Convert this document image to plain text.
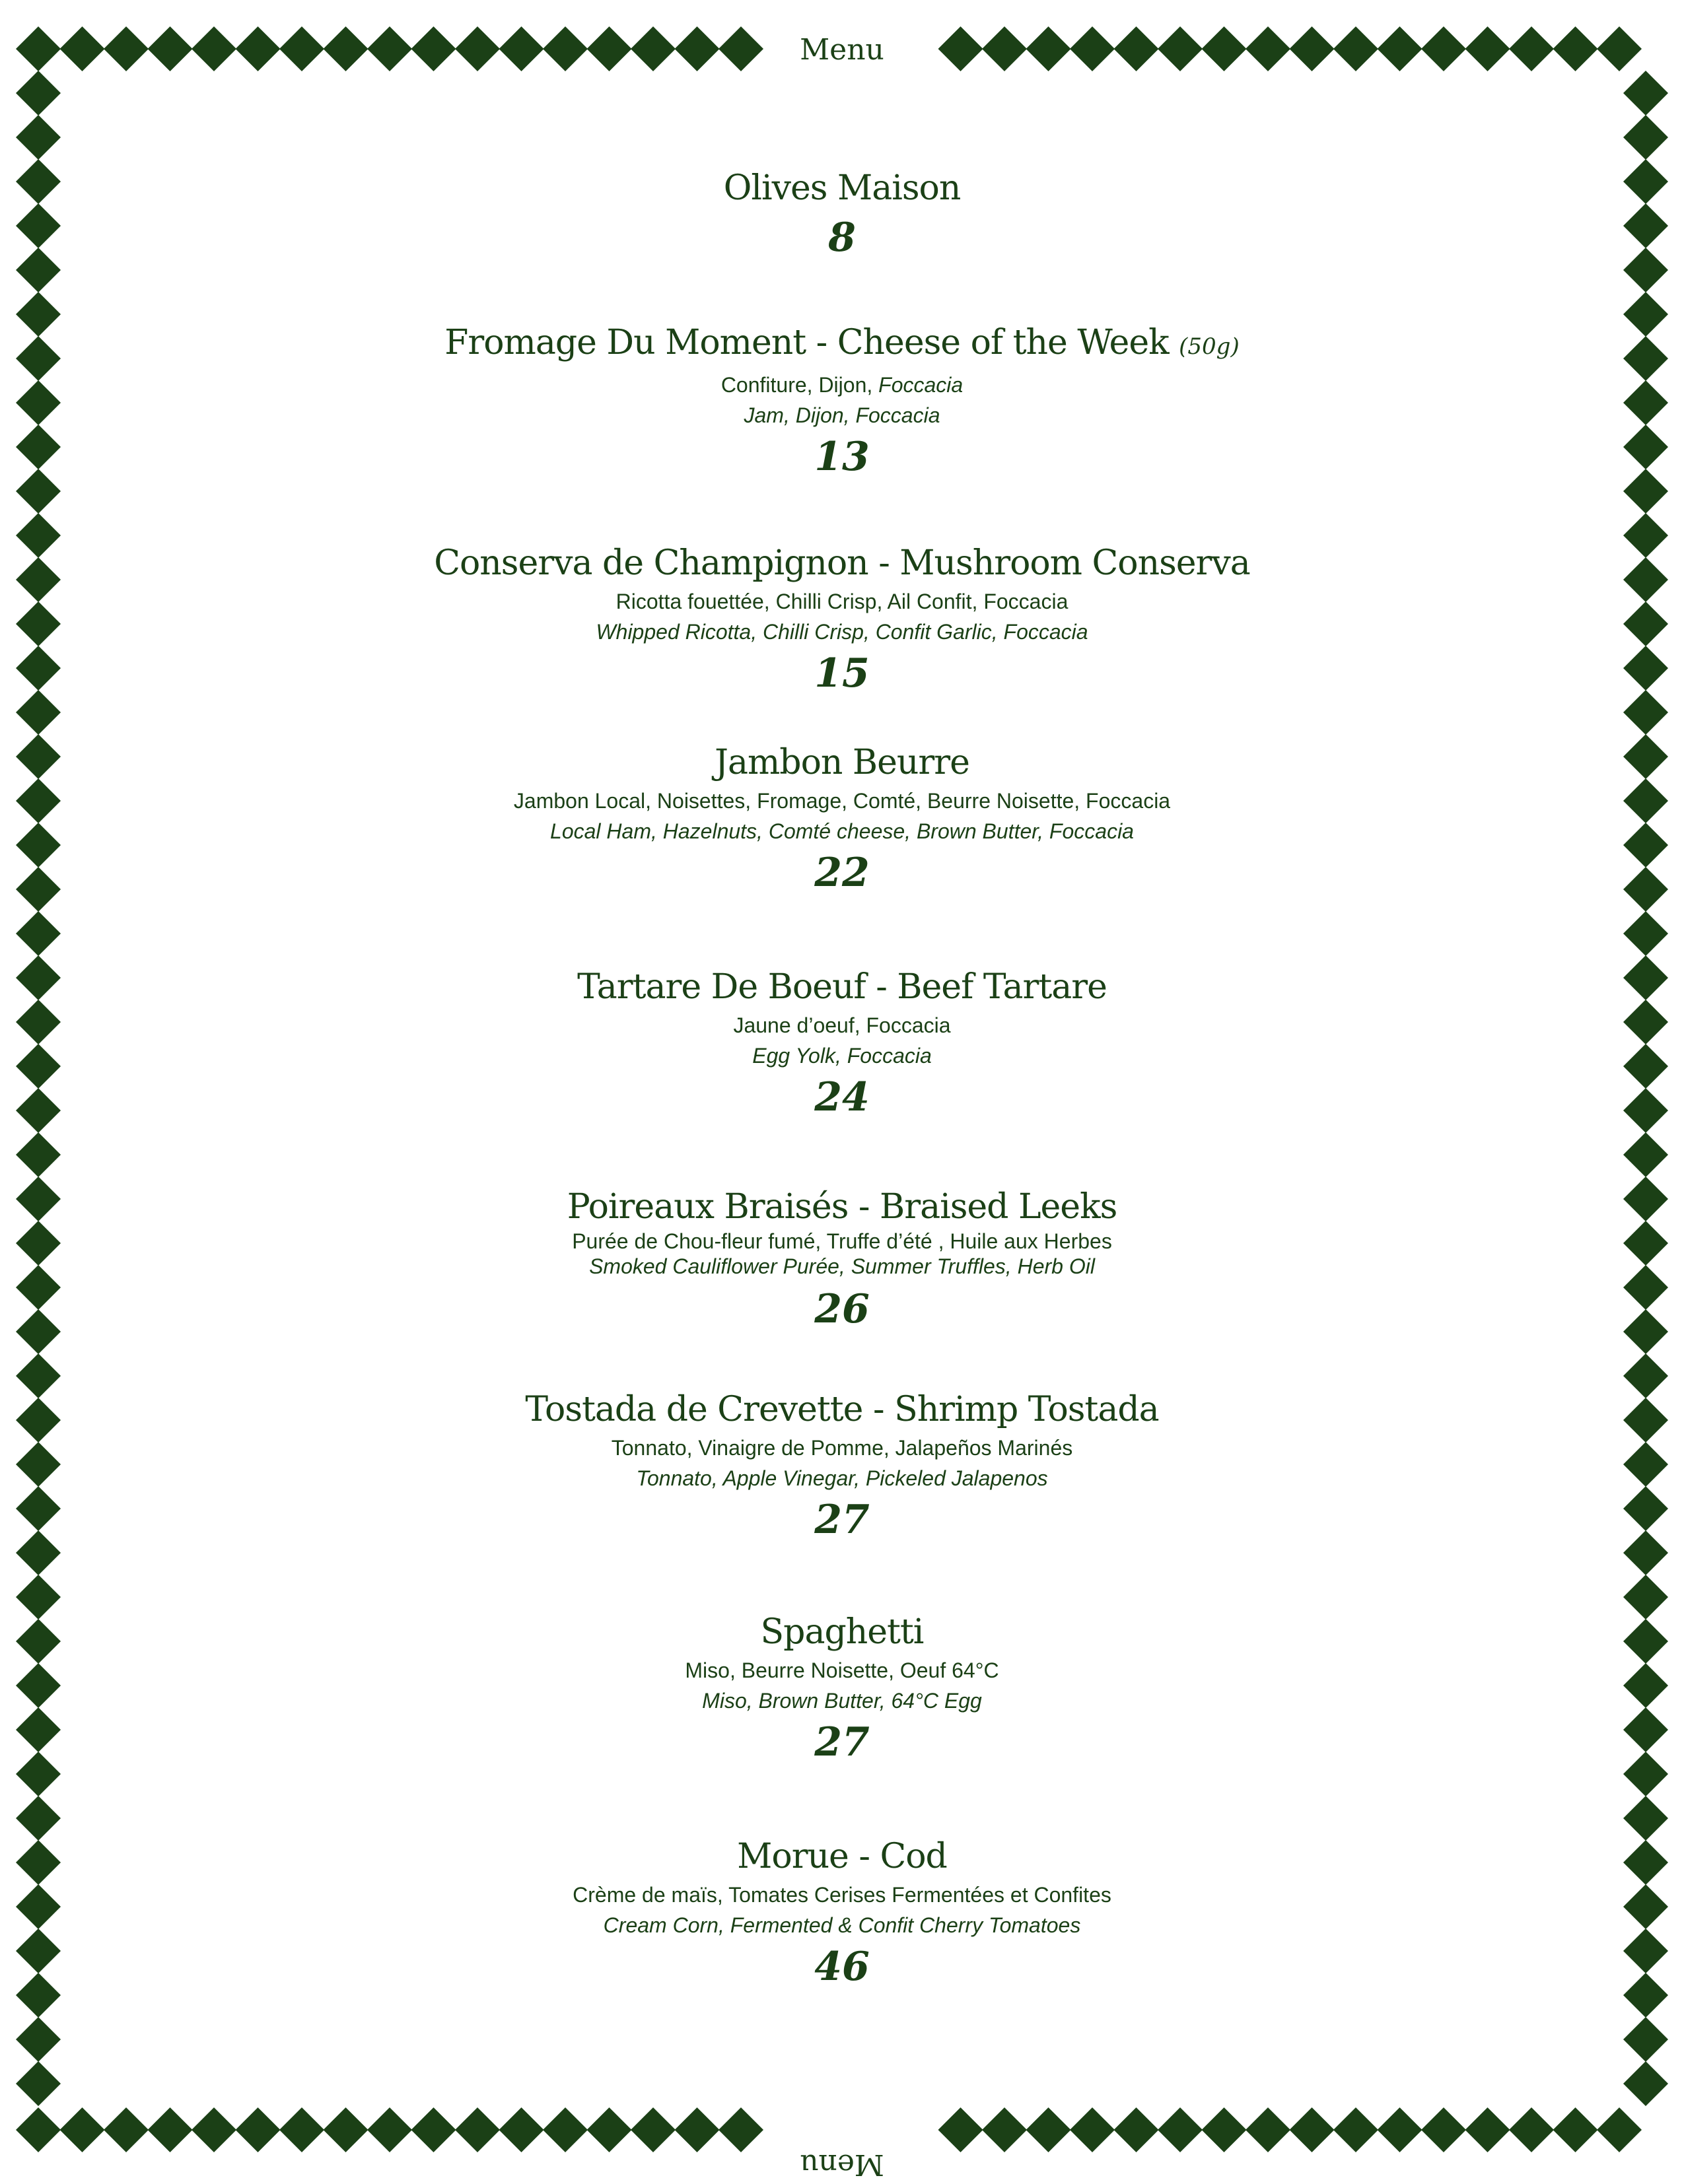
Menu
Menu

Olives Maison

8

Fromage Du Moment - Cheese of the Week (50g)

Confiture, Dijon, Foccacia

Jam, Dijon, Foccacia

13

Conserva de Champignon - Mushroom Conserva

Ricotta fouettée, Chilli Crisp, Ail Confit, Foccacia

Whipped Ricotta, Chilli Crisp, Confit Garlic, Foccacia

15

Jambon Beurre

Jambon Local, Noisettes, Fromage, Comté, Beurre Noisette, Foccacia

Local Ham, Hazelnuts, Comté cheese, Brown Butter, Foccacia

22

Tartare De Boeuf - Beef Tartare

Jaune d’oeuf, Foccacia

Egg Yolk, Foccacia

24

Poireaux Braisés - Braised Leeks

Purée de Chou-fleur fumé, Truffe d’été , Huile aux Herbes

Smoked Cauliflower Purée, Summer Truffles, Herb Oil

26

Tostada de Crevette - Shrimp Tostada

Tonnato, Vinaigre de Pomme, Jalapeños Marinés

Tonnato, Apple Vinegar, Pickeled Jalapenos

27

Spaghetti

Miso, Beurre Noisette, Oeuf 64°C

Miso, Brown Butter, 64°C Egg

27

Morue - Cod

Crème de maïs, Tomates Cerises Fermentées et Confites

Cream Corn, Fermented & Confit Cherry Tomatoes

46
